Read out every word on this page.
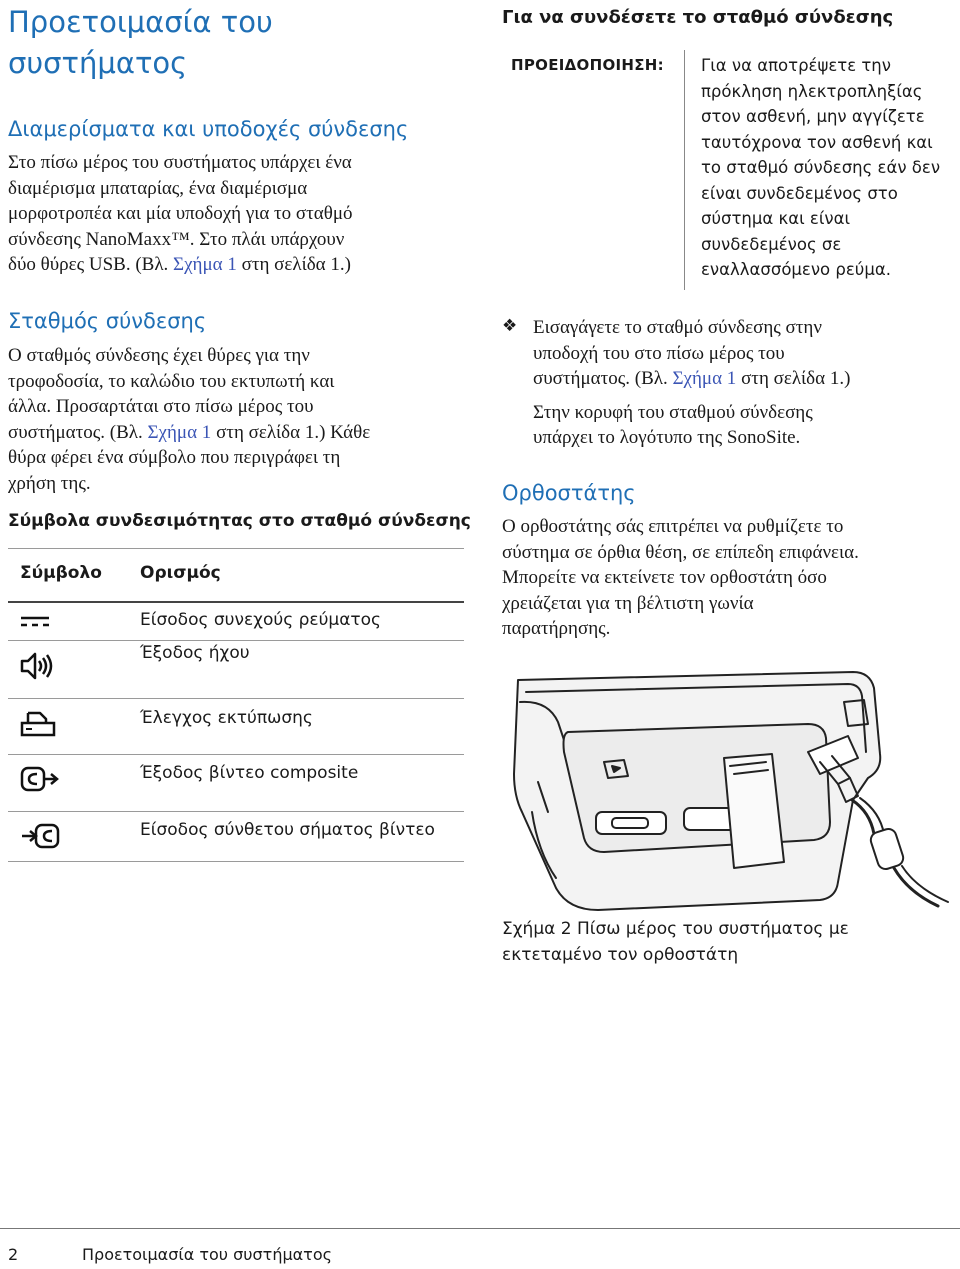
Προετοιμασία του
συστήματος
Διαμερίσματα και υποδοχές σύνδεσης
Στο πίσω μέρος του συστήματος υπάρχει ένα
διαμέρισμα μπαταρίας, ένα διαμέρισμα
μορφοτροπέα και μία υποδοχή για το σταθμό
σύνδεσης NanoMaxx™. Στο πλάι υπάρχουν
δύο θύρες USB. (Βλ. Σχήμα 1 στη σελίδα 1.)
Σταθμός σύνδεσης
Ο σταθμός σύνδεσης έχει θύρες για την
τροφοδοσία, το καλώδιο του εκτυπωτή και
άλλα. Προσαρτάται στο πίσω μέρος του
συστήματος. (Βλ. Σχήμα 1 στη σελίδα 1.) Κάθε
θύρα φέρει ένα σύμβολο που περιγράφει τη
χρήση της.
Σύμβολα συνδεσιμότητας στο σταθμό σύνδεσης
Σύμβολο Ορισμός
Είσοδος συνεχούς ρεύματος
Έξοδος ήχου
Έλεγχος εκτύπωσης
Έξοδος βίντεο composite
Είσοδος σύνθετου σήματος βίντεο
Για να συνδέσετε το σταθμό σύνδεσης
ΠΡΟΕΙΔΟΠΟΙΗΣΗ: Για να αποτρέψετε την
πρόκληση ηλεκτροπληξίας
στον ασθενή, μην αγγίζετε
ταυτόχρονα τον ασθενή και
το σταθμό σύνδεσης εάν δεν
είναι συνδεδεμένος στο
σύστημα και είναι
συνδεδεμένος σε
εναλλασσόμενο ρεύμα.
❖ Εισαγάγετε το σταθμό σύνδεσης στην
υποδοχή του στο πίσω μέρος του
συστήματος. (Βλ. Σχήμα 1 στη σελίδα 1.)
Στην κορυφή του σταθμού σύνδεσης
υπάρχει το λογότυπο της SonoSite.
Ορθοστάτης
Ο ορθοστάτης σάς επιτρέπει να ρυθμίζετε το
σύστημα σε όρθια θέση, σε επίπεδη επιφάνεια.
Μπορείτε να εκτείνετε τον ορθοστάτη όσο
χρειάζεται για τη βέλτιστη γωνία
παρατήρησης.
Σχήμα 2 Πίσω μέρος του συστήματος με
εκτεταμένο τον ορθοστάτη
2	Προετοιμασία του συστήματος
